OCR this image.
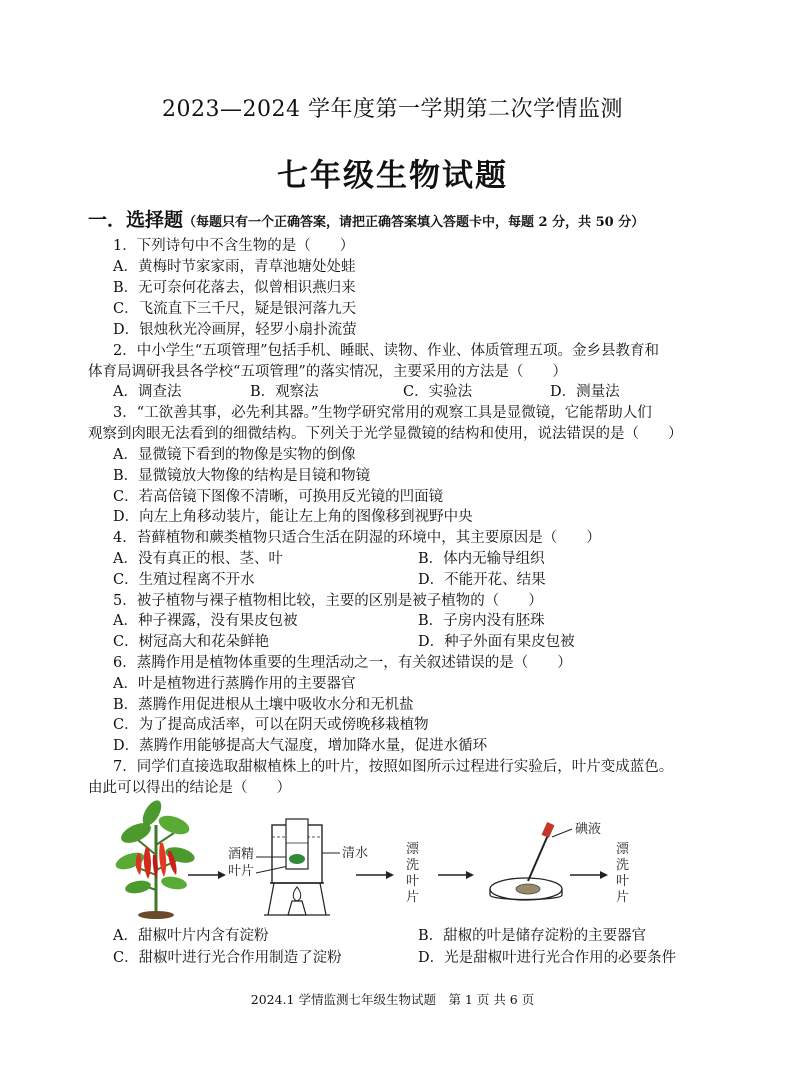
2023—2024 学年度第一学期第二次学情监测
七年级生物试题
一．选择题（每题只有一个正确答案，请把正确答案填入答题卡中，每题 2 分，共 50 分）
1．下列诗句中不含生物的是（　　）
A．黄梅时节家家雨，青草池塘处处蛙
B．无可奈何花落去，似曾相识燕归来
C．飞流直下三千尺，疑是银河落九天
D．银烛秋光冷画屏，轻罗小扇扑流萤
2．中小学生“五项管理”包括手机、睡眠、读物、作业、体质管理五项。金乡县教育和
体育局调研我县各学校“五项管理”的落实情况，主要采用的方法是（　　）
A．调查法	B．观察法	C．实验法	D．测量法
3．“工欲善其事，必先利其器。”生物学研究常用的观察工具是显微镜，它能帮助人们
观察到肉眼无法看到的细微结构。下列关于光学显微镜的结构和使用，说法错误的是（　　）
A．显微镜下看到的物像是实物的倒像
B．显微镜放大物像的结构是目镜和物镜
C．若高倍镜下图像不清晰，可换用反光镜的凹面镜
D．向左上角移动装片，能让左上角的图像移到视野中央
4．苔藓植物和蕨类植物只适合生活在阴湿的环境中，其主要原因是（　　）
A．没有真正的根、茎、叶	B．体内无输导组织
C．生殖过程离不开水	D．不能开花、结果
5．被子植物与裸子植物相比较，主要的区别是被子植物的（　　）
A．种子裸露，没有果皮包被	B．子房内没有胚珠
C．树冠高大和花朵鲜艳	D．种子外面有果皮包被
6．蒸腾作用是植物体重要的生理活动之一，有关叙述错误的是（　　）
A．叶是植物进行蒸腾作用的主要器官
B．蒸腾作用促进根从土壤中吸收水分和无机盐
C．为了提高成活率，可以在阴天或傍晚移栽植物
D．蒸腾作用能够提高大气湿度，增加降水量，促进水循环
7．同学们直接选取甜椒植株上的叶片，按照如图所示过程进行实验后，叶片变成蓝色。
由此可以得出的结论是（　　）
酒精
叶片
清水	漂 洗 叶 片
碘液
漂 洗 叶 片
A．甜椒叶片内含有淀粉	B．甜椒的叶是储存淀粉的主要器官
C．甜椒叶进行光合作用制造了淀粉	D．光是甜椒叶进行光合作用的必要条件
2024.1 学情监测七年级生物试题　第 1 页 共 6 页
